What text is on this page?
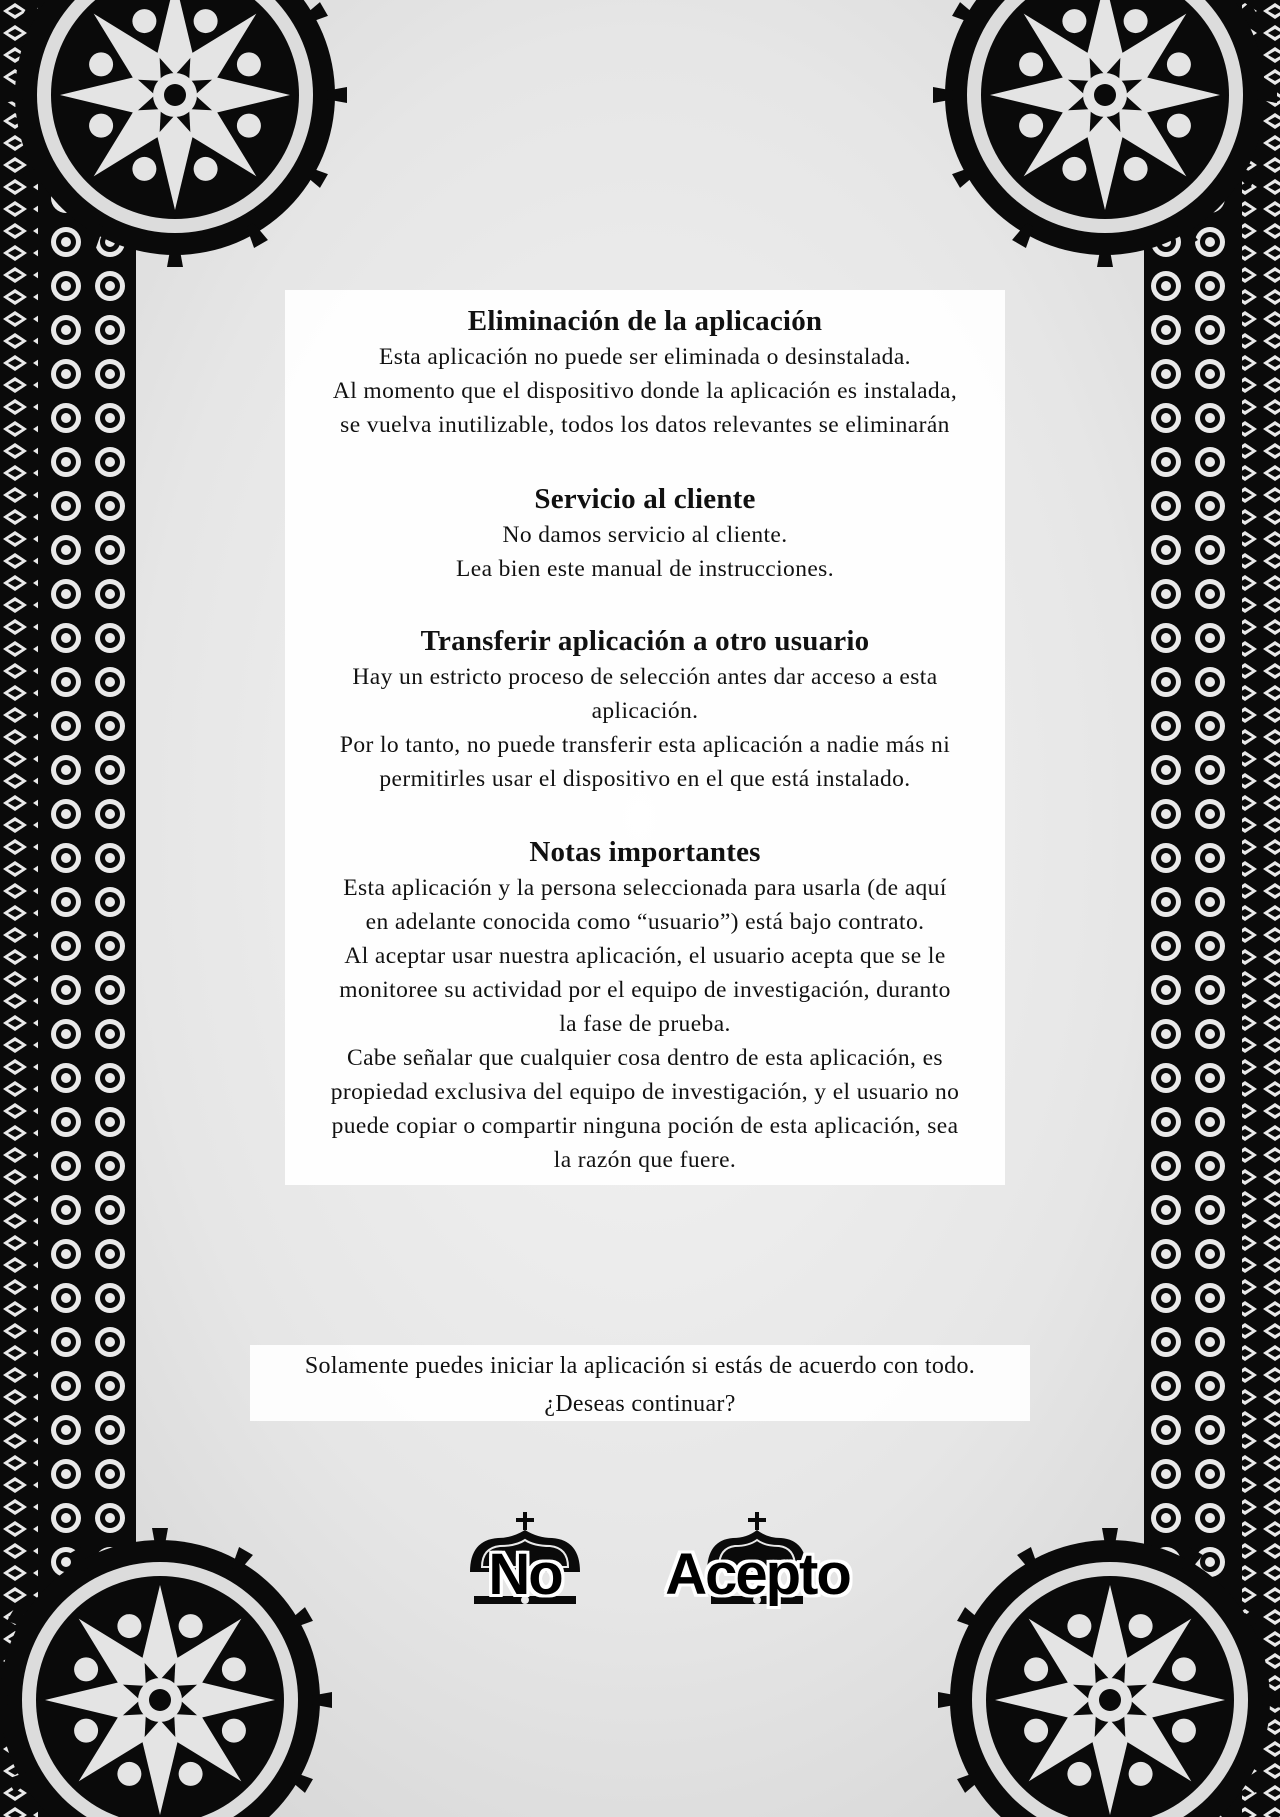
Eliminación de la aplicación

Esta aplicación no puede ser eliminada o desinstalada.

Al momento que el dispositivo donde la aplicación es instalada,

se vuelva inutilizable, todos los datos relevantes se eliminarán

Servicio al cliente

No damos servicio al cliente.

Lea bien este manual de instrucciones.

Transferir aplicación a otro usuario

Hay un estricto proceso de selección antes dar acceso a esta

aplicación.

Por lo tanto, no puede transferir esta aplicación a nadie más ni

permitirles usar el dispositivo en el que está instalado.

Notas importantes

Esta aplicación y la persona seleccionada para usarla (de aquí

en adelante conocida como “usuario”) está bajo contrato.

Al aceptar usar nuestra aplicación, el usuario acepta que se le

monitoree su actividad por el equipo de investigación, duranto

la fase de prueba.

Cabe señalar que cualquier cosa dentro de esta aplicación, es

propiedad exclusiva del equipo de investigación, y el usuario no

puede copiar o compartir ninguna poción de esta aplicación, sea

la razón que fuere.

Solamente puedes iniciar la aplicación si estás de acuerdo con todo.

¿Deseas continuar?

No	Acepto
